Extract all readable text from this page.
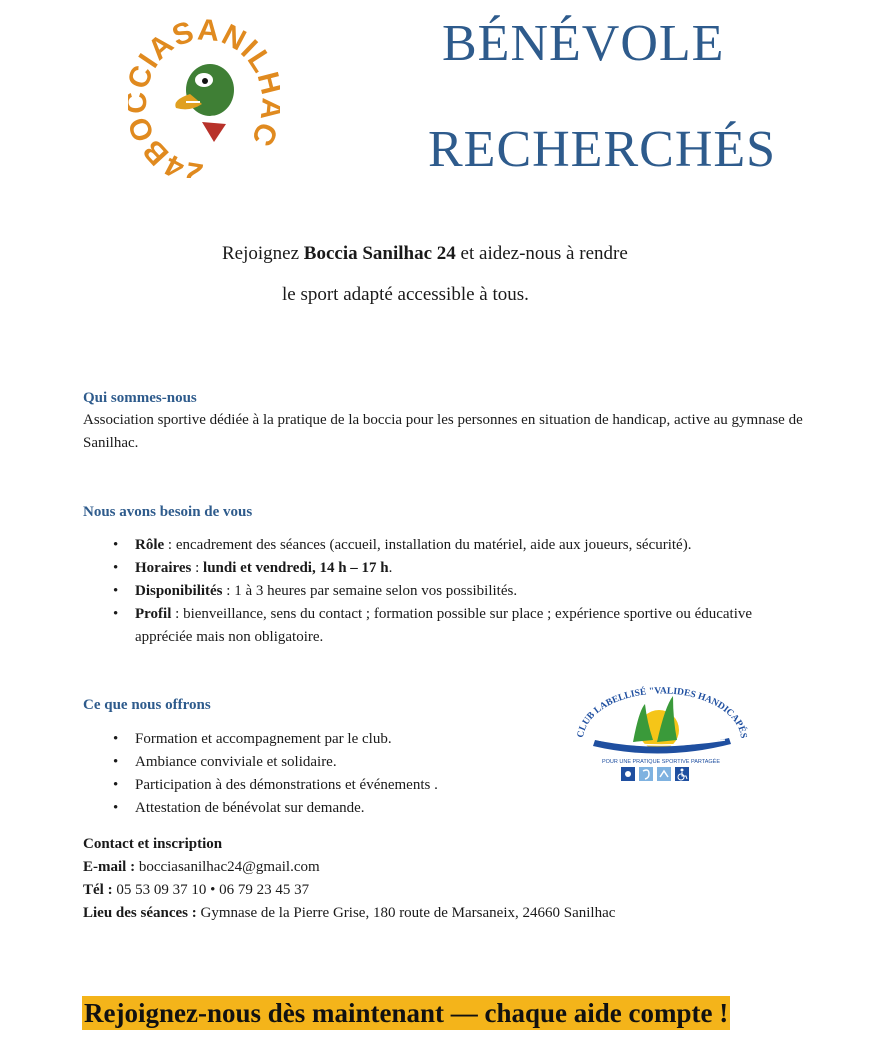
24B IASANIL	BÉNÉVOLE
RECHERCHÉS
Rejoignez Boccia Sanilhac 24 et aidez-nous à rendre
le sport adapté accessible à tous.
Qui sommes-nous
Association sportive dédiée à la pratique de la boccia pour les personnes en situation de handicap, active au gymnase de Sanilhac.
Nous avons besoin de vous
• Rôle : encadrement des séances (accueil, installation du matériel, aide aux joueurs, sécurité).
• Horaires : lundi et vendredi, 14 h – 17 h.
• Disponibilités : 1 à 3 heures par semaine selon vos possibilités.
• Profil : bienveillance, sens du contact ; formation possible sur place ; expérience sportive ou éducative appréciée mais non obligatoire.
Ce que nous offrons
• Formation et accompagnement par le club.
• Ambiance conviviale et solidaire.
• Participation à des démonstrations et événements .
• Attestation de bénévolat sur demande.
CLUB LABELLISÉ "VALIDES HANDICAPÉS
POUR UNE PRATIQUE SPORTIVE PARTAGÉE
Contact et inscription
E-mail : bocciasanilhac24@gmail.com
Tél : 05 53 09 37 10 • 06 79 23 45 37
Lieu des séances : Gymnase de la Pierre Grise, 180 route de Marsaneix, 24660 Sanilhac
Rejoignez-nous dès maintenant — chaque aide compte !
